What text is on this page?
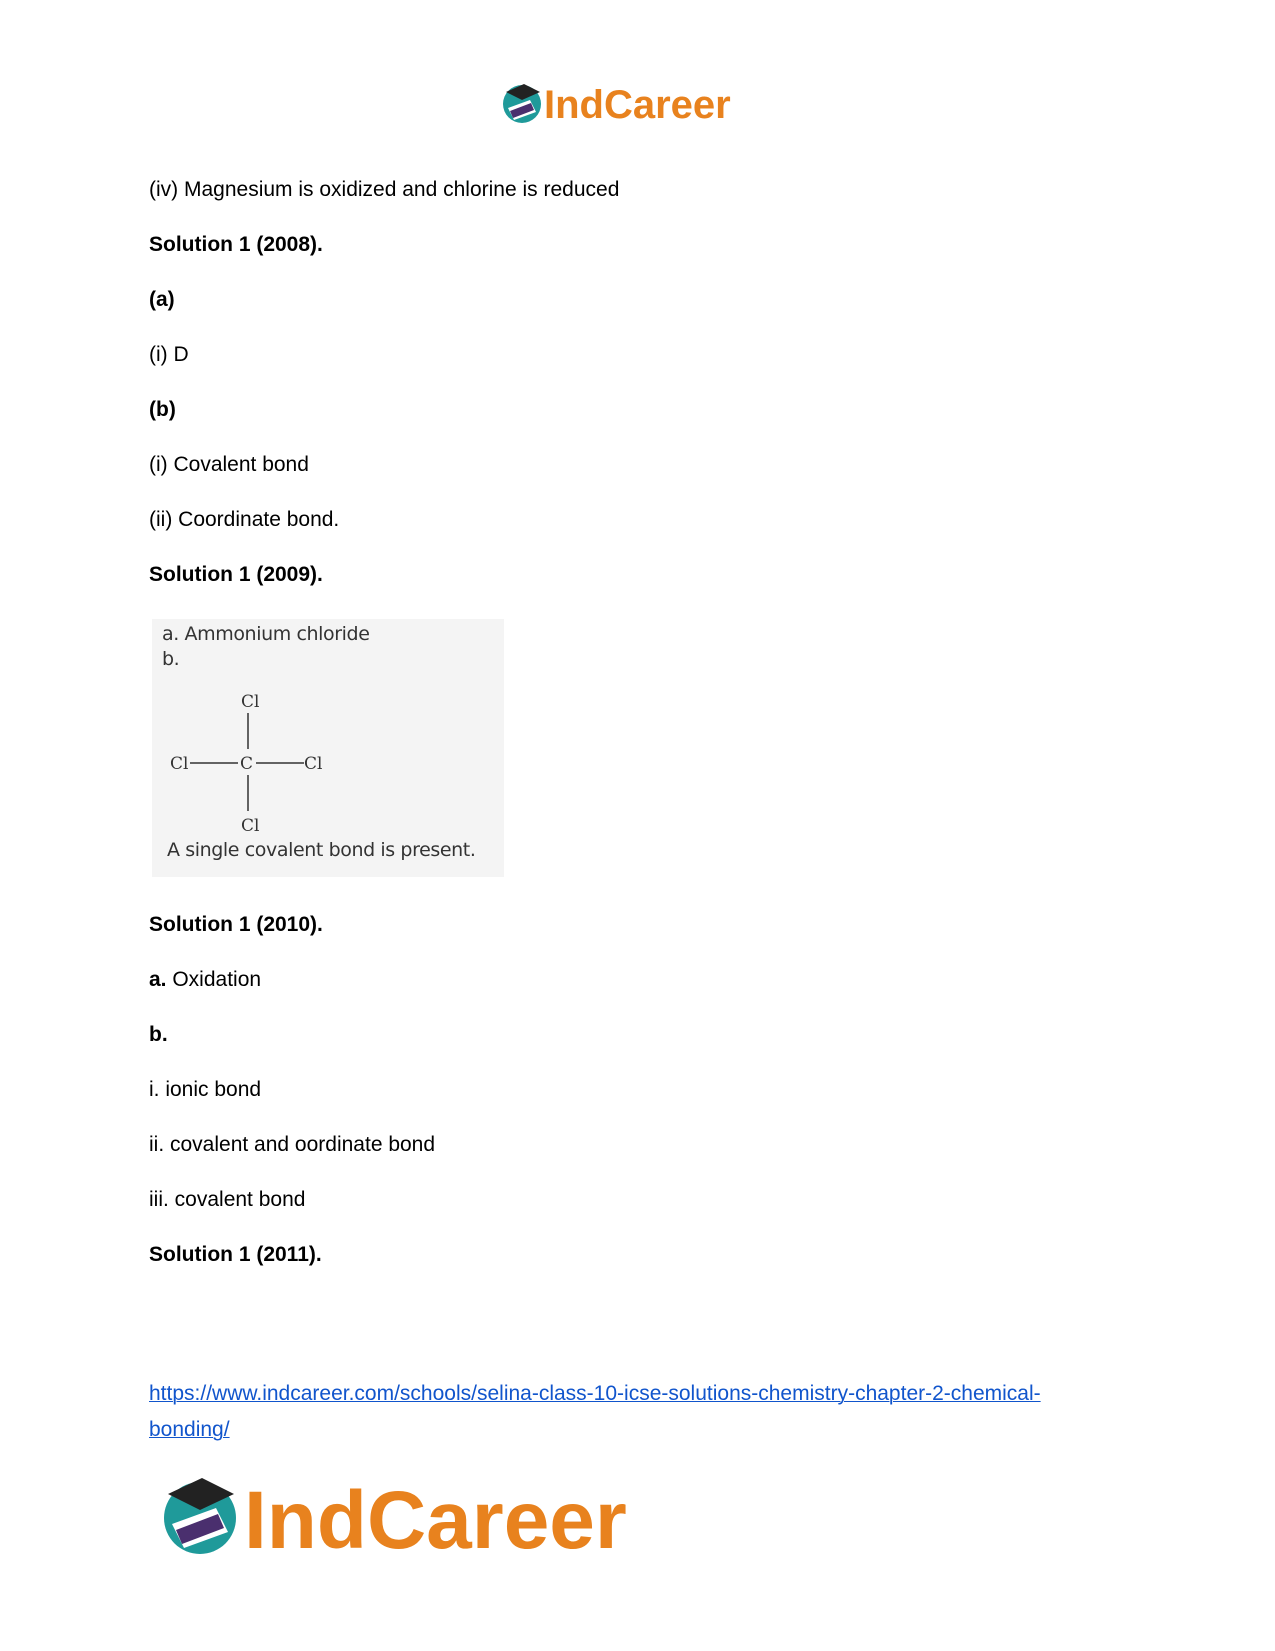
IndCareer
(iv) Magnesium is oxidized and chlorine is reduced
Solution 1 (2008).
(a)
(i) D
(b)
(i) Covalent bond
(ii) Coordinate bond.
Solution 1 (2009).
a. Ammonium chloride
b.
Cl
Cl	C	Cl
Cl
A single covalent bond is present.
Solution 1 (2010).
a. Oxidation
b.
i. ionic bond
ii. covalent and oordinate bond
iii. covalent bond
Solution 1 (2011).
https://www.indcareer.com/schools/selina-class-10-icse-solutions-chemistry-chapter-2-chemical-
bonding/
IndCareer
